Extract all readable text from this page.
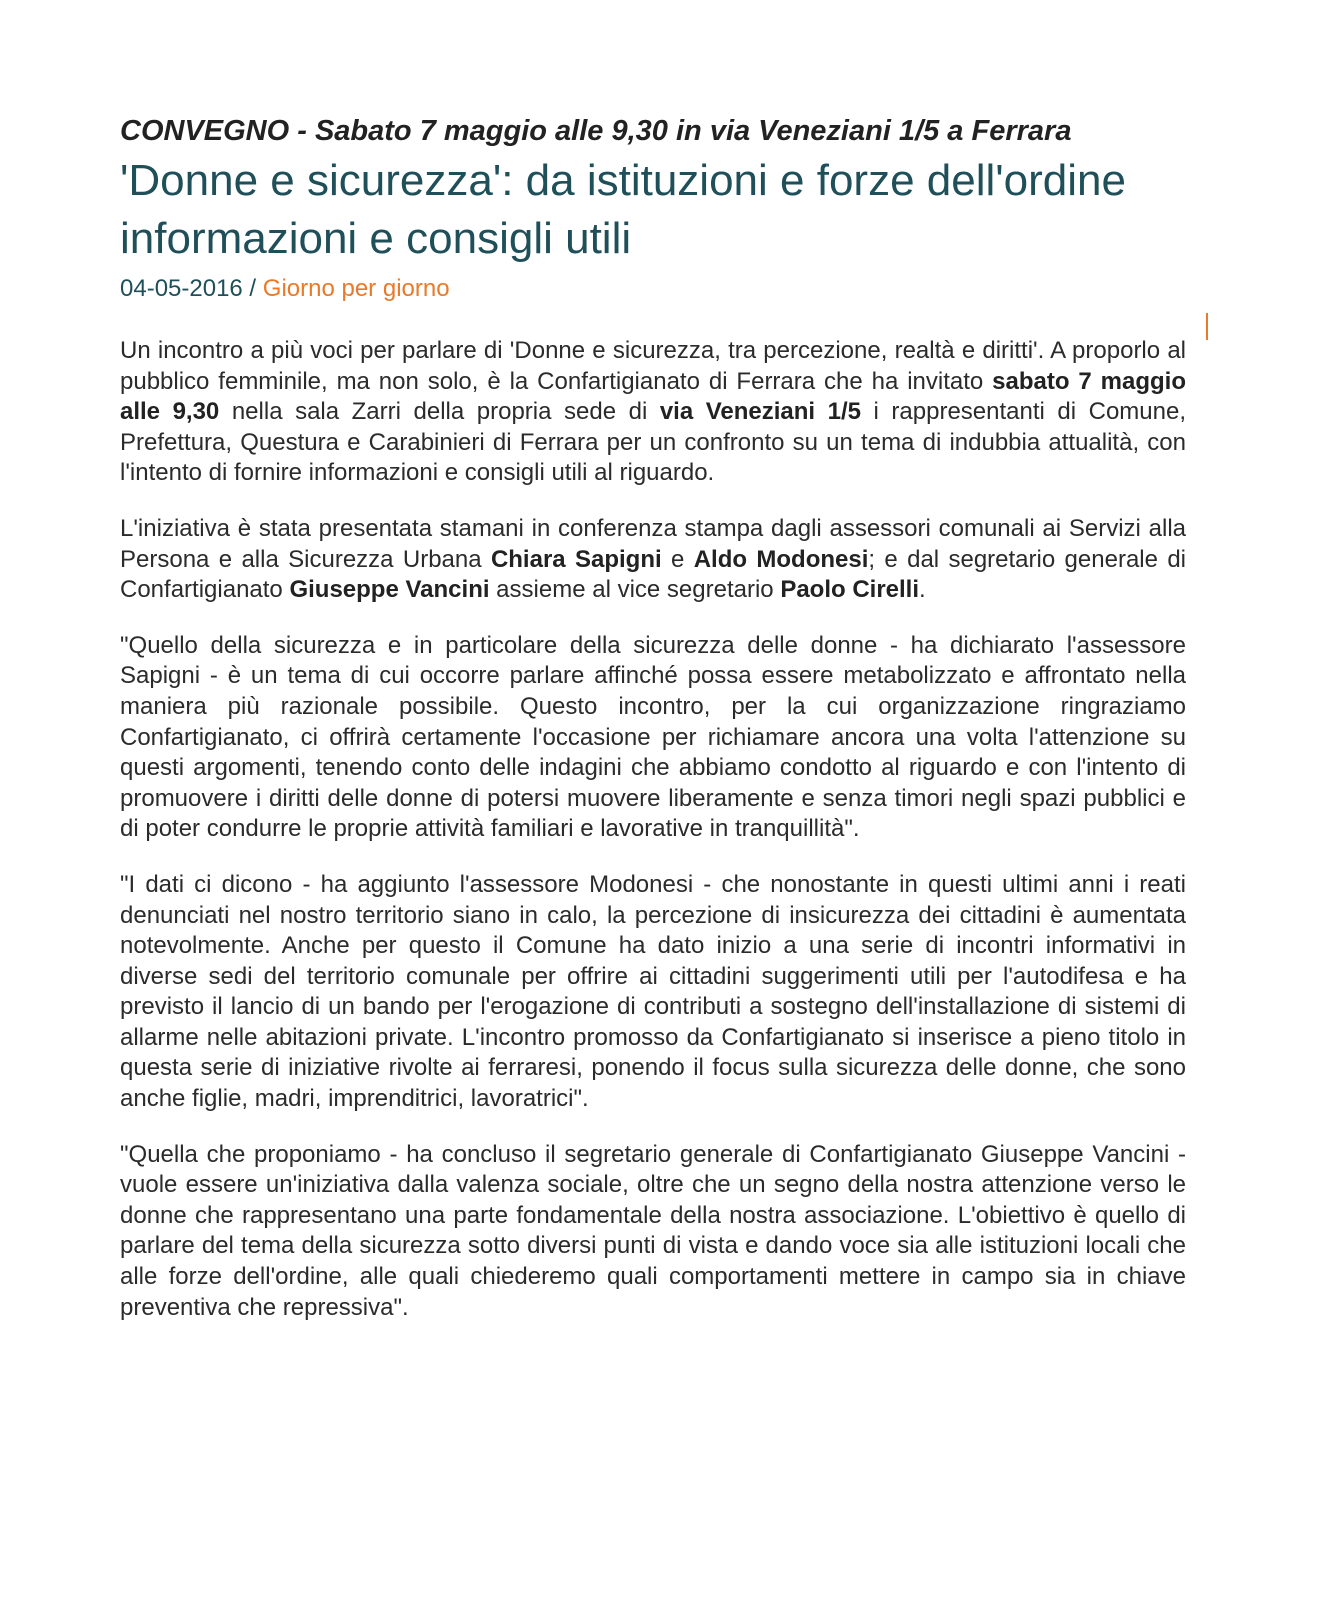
CONVEGNO - Sabato 7 maggio alle 9,30 in via Veneziani 1/5 a Ferrara
'Donne e sicurezza': da istituzioni e forze dell'ordine informazioni e consigli utili
04-05-2016 / Giorno per giorno

Un incontro a più voci per parlare di 'Donne e sicurezza, tra percezione, realtà e diritti'. A proporlo al pubblico femminile, ma non solo, è la Confartigianato di Ferrara che ha invitato sabato 7 maggio alle 9,30 nella sala Zarri della propria sede di via Veneziani 1/5 i rappresentanti di Comune, Prefettura, Questura e Carabinieri di Ferrara per un confronto su un tema di indubbia attualità, con l'intento di fornire informazioni e consigli utili al riguardo.

L'iniziativa è stata presentata stamani in conferenza stampa dagli assessori comunali ai Servizi alla Persona e alla Sicurezza Urbana Chiara Sapigni e Aldo Modonesi; e dal segretario generale di Confartigianato Giuseppe Vancini assieme al vice segretario Paolo Cirelli.

"Quello della sicurezza e in particolare della sicurezza delle donne - ha dichiarato l'assessore Sapigni - è un tema di cui occorre parlare affinché possa essere metabolizzato e affrontato nella maniera più razionale possibile. Questo incontro, per la cui organizzazione ringraziamo Confartigianato, ci offrirà certamente l'occasione per richiamare ancora una volta l'attenzione su questi argomenti, tenendo conto delle indagini che abbiamo condotto al riguardo e con l'intento di promuovere i diritti delle donne di potersi muovere liberamente e senza timori negli spazi pubblici e di poter condurre le proprie attività familiari e lavorative in tranquillità".

"I dati ci dicono - ha aggiunto l'assessore Modonesi - che nonostante in questi ultimi anni i reati denunciati nel nostro territorio siano in calo, la percezione di insicurezza dei cittadini è aumentata notevolmente. Anche per questo il Comune ha dato inizio a una serie di incontri informativi in diverse sedi del territorio comunale per offrire ai cittadini suggerimenti utili per l'autodifesa e ha previsto il lancio di un bando per l'erogazione di contributi a sostegno dell'installazione di sistemi di allarme nelle abitazioni private. L'incontro promosso da Confartigianato si inserisce a pieno titolo in questa serie di iniziative rivolte ai ferraresi, ponendo il focus sulla sicurezza delle donne, che sono anche figlie, madri, imprenditrici, lavoratrici".

"Quella che proponiamo - ha concluso il segretario generale di Confartigianato Giuseppe Vancini - vuole essere un'iniziativa dalla valenza sociale, oltre che un segno della nostra attenzione verso le donne che rappresentano una parte fondamentale della nostra associazione. L'obiettivo è quello di parlare del tema della sicurezza sotto diversi punti di vista e dando voce sia alle istituzioni locali che alle forze dell'ordine, alle quali chiederemo quali comportamenti mettere in campo sia in chiave preventiva che repressiva".
